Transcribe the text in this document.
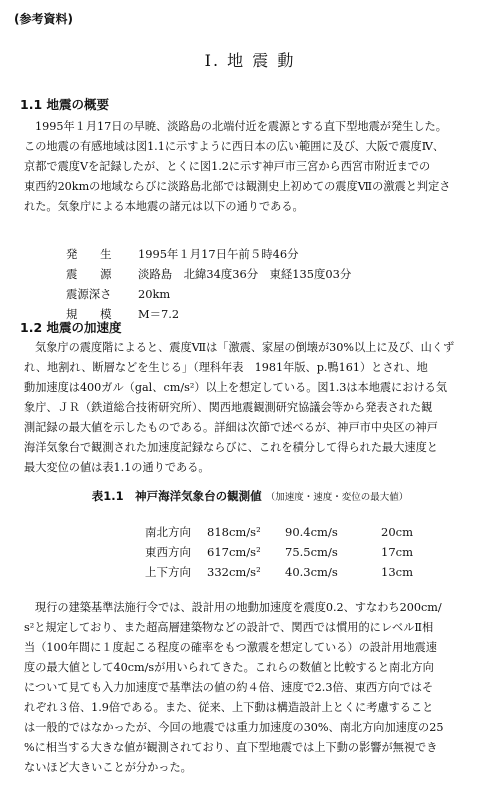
(参考資料)
I. 地 震 動
1.1 地震の概要
1995年１月17日の早暁、淡路島の北端付近を震源とする直下型地震が発生した。
この地震の有感地域は図1.1に示すように西日本の広い範囲に及び、大阪で震度Ⅳ、
京都で震度Ⅴを記録したが、とくに図1.2に示す神戸市三宮から西宮市附近までの
東西約20kmの地域ならびに淡路島北部では観測史上初めての震度Ⅶの激震と判定さ
れた。気象庁による本地震の諸元は以下の通りである。
発　　生	1995年１月17日午前５時46分
震　　源	淡路島　北緯34度36分　東経135度03分
震源深さ	20km
規　　模	M＝7.2
1.2 地震の加速度
気象庁の震度階によると、震度Ⅶは「激震、家屋の倒壊が30%以上に及び、山くず
れ、地割れ、断層などを生じる」（理科年表　1981年版、p.鴨161）とされ、地
動加速度は400ガル（gal、cm/s²）以上を想定している。図1.3は本地震における気
象庁、ＪＲ（鉄道総合技術研究所）、関西地震観測研究協議会等から発表された観
測記録の最大値を示したものである。詳細は次節で述べるが、神戸市中央区の神戸
海洋気象台で観測された加速度記録ならびに、これを積分して得られた最大速度と
最大変位の値は表1.1の通りである。
表1.1　神戸海洋気象台の観測値 （加速度・速度・変位の最大値）
南北方向	818cm/s²	90.4cm/s	20cm
東西方向	617cm/s²	75.5cm/s	17cm
上下方向	332cm/s²	40.3cm/s	13cm
現行の建築基準法施行令では、設計用の地動加速度を震度0.2、すなわち200cm/
s²と規定しており、また超高層建築物などの設計で、関西では慣用的にレベルⅡ相
当（100年間に１度起こる程度の確率をもつ激震を想定している）の設計用地震速
度の最大値として40cm/sが用いられてきた。これらの数値と比較すると南北方向
について見ても入力加速度で基準法の値の約４倍、速度で2.3倍、東西方向ではそ
れぞれ３倍、1.9倍である。また、従来、上下動は構造設計上とくに考慮すること
は一般的ではなかったが、今回の地震では重力加速度の30%、南北方向加速度の25
%に相当する大きな値が観測されており、直下型地震では上下動の影響が無視でき
ないほど大きいことが分かった。
